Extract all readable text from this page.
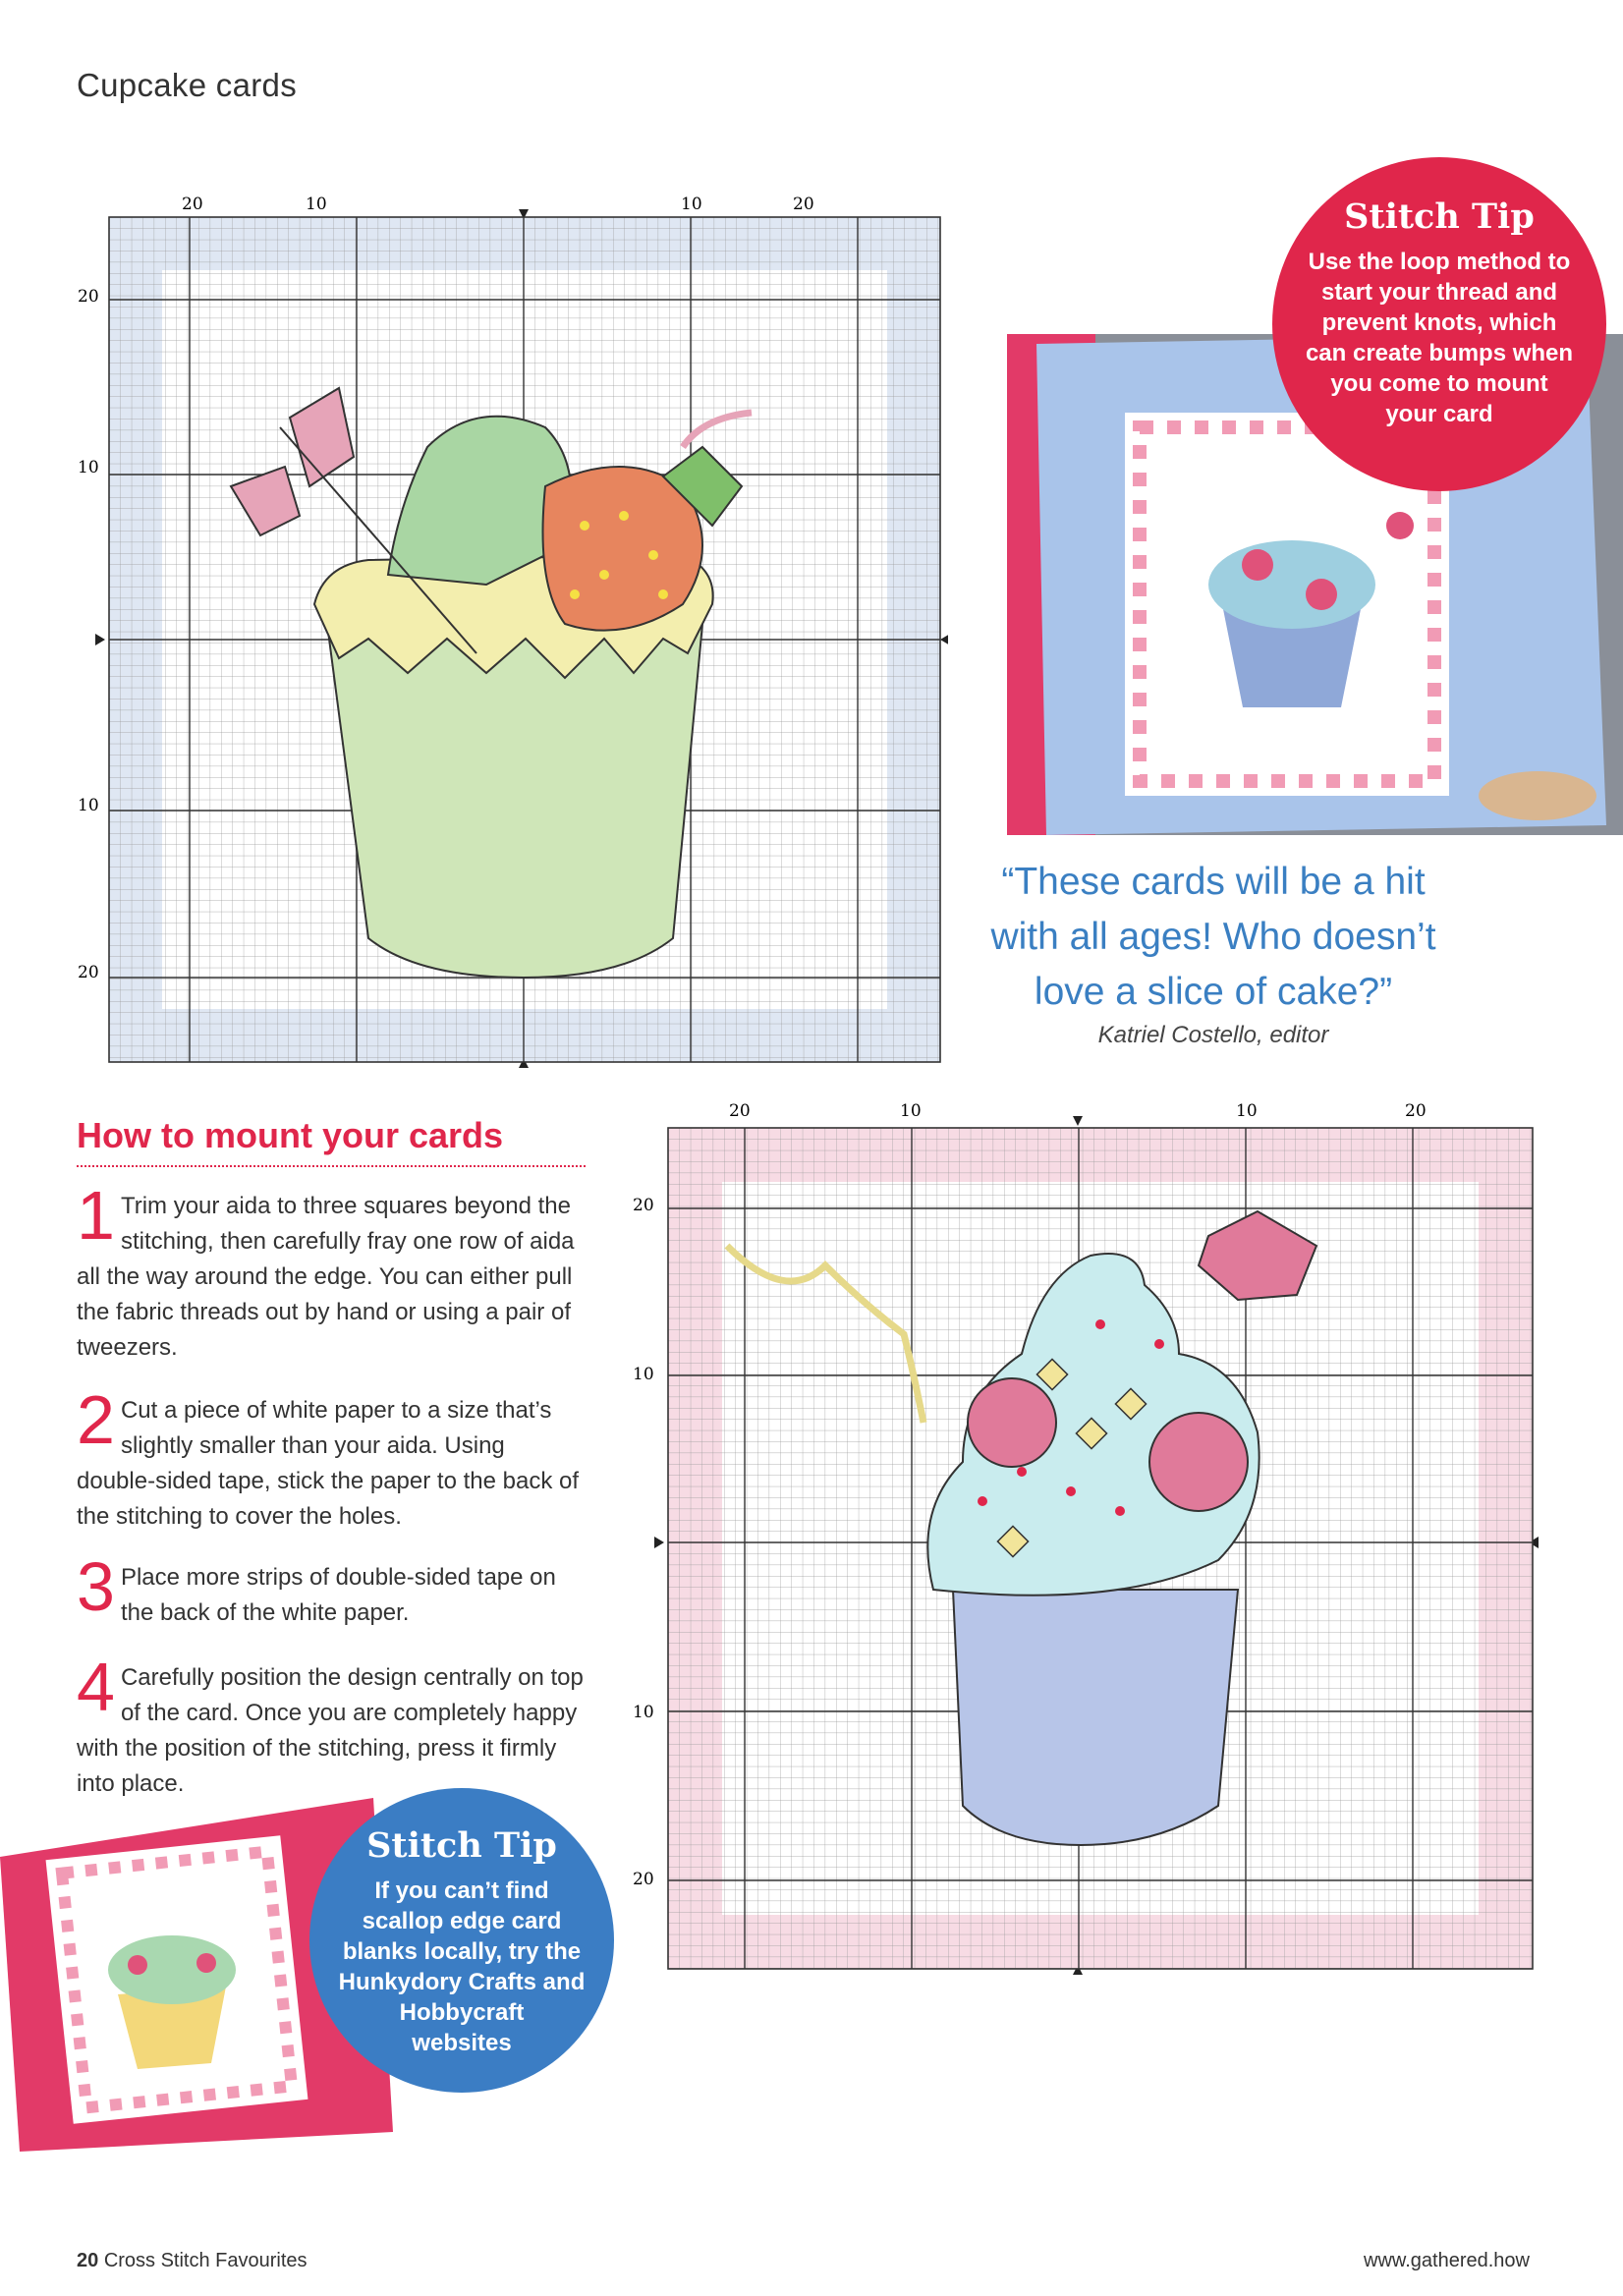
Cupcake cards
20	10	10	20
20
10
10
20
Stitch Tip
Use the loop method to
start your thread and
prevent knots, which
can create bumps when
you come to mount
your card
“These cards will be a hit
with all ages! Who doesn’t
love a slice of cake?”
Katriel Costello, editor
How to mount your cards
1 Trim your aida to three squares beyond the stitching, then carefully fray one row of aida all the way around the edge. You can either pull the fabric threads out by hand or using a pair of tweezers.
2 Cut a piece of white paper to a size that’s slightly smaller than your aida. Using double-sided tape, stick the paper to the back of the stitching to cover the holes.
3 Place more strips of double-sided tape on the back of the white paper.
4 Carefully position the design centrally on top of the card. Once you are completely happy with the position of the stitching, press it firmly into place.
20	10	10	20
20
10
10
20
Stitch Tip
If you can’t find
scallop edge card
blanks locally, try the
Hunkydory Crafts and
Hobbycraft
websites
20 Cross Stitch Favourites	www.gathered.how
